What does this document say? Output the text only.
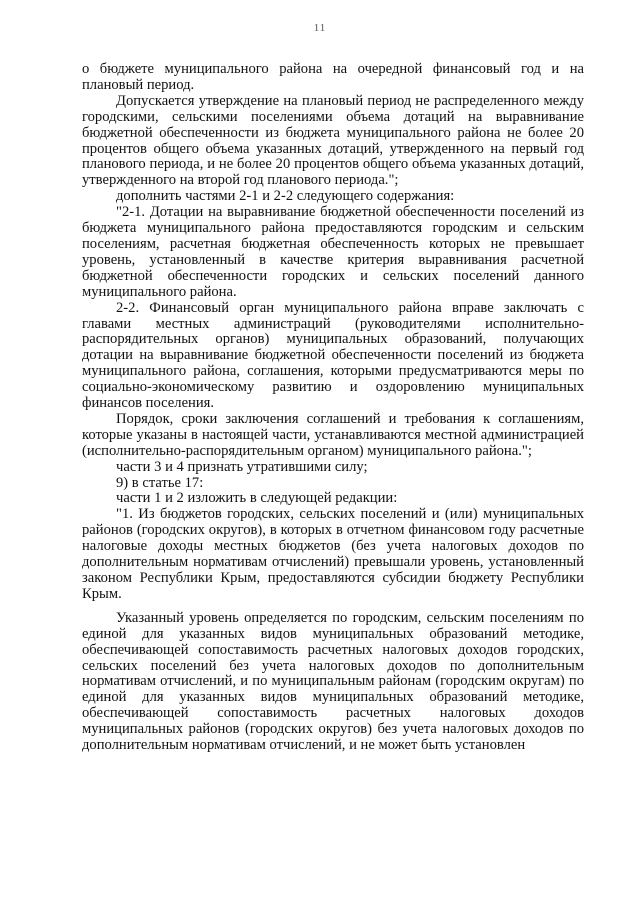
11

о бюджете муниципального района на очередной финансовый год и на плановый период.

Допускается утверждение на плановый период не распределенного между городскими, сельскими поселениями объема дотаций на выравнивание бюджетной обеспеченности из бюджета муниципального района не более 20 процентов общего объема указанных дотаций, утвержденного на первый год планового периода, и не более 20 процентов общего объема указанных дотаций, утвержденного на второй год планового периода.";

дополнить частями 2-1 и 2-2 следующего содержания:

"2-1. Дотации на выравнивание бюджетной обеспеченности поселений из бюджета муниципального района предоставляются городским и сельским поселениям, расчетная бюджетная обеспеченность которых не превышает уровень, установленный в качестве критерия выравнивания расчетной бюджетной обеспеченности городских и сельских поселений данного муниципального района.

2-2. Финансовый орган муниципального района вправе заключать с главами местных администраций (руководителями исполнительно-распорядительных органов) муниципальных образований, получающих дотации на выравнивание бюджетной обеспеченности поселений из бюджета муниципального района, соглашения, которыми предусматриваются меры по социально-экономическому развитию и оздоровлению муниципальных финансов поселения.

Порядок, сроки заключения соглашений и требования к соглашениям, которые указаны в настоящей части, устанавливаются местной администрацией (исполнительно-распорядительным органом) муниципального района.";

части 3 и 4 признать утратившими силу;

9) в статье 17:

части 1 и 2 изложить в следующей редакции:

"1. Из бюджетов городских, сельских поселений и (или) муниципальных районов (городских округов), в которых в отчетном финансовом году расчетные налоговые доходы местных бюджетов (без учета налоговых доходов по дополнительным нормативам отчислений) превышали уровень, установленный законом Республики Крым, предоставляются субсидии бюджету Республики Крым.

Указанный уровень определяется по городским, сельским поселениям по единой для указанных видов муниципальных образований методике, обеспечивающей сопоставимость расчетных налоговых доходов городских, сельских поселений без учета налоговых доходов по дополнительным нормативам отчислений, и по муниципальным районам (городским округам) по единой для указанных видов муниципальных образований методике, обеспечивающей сопоставимость расчетных налоговых доходов муниципальных районов (городских округов) без учета налоговых доходов по дополнительным нормативам отчислений, и не может быть установлен
